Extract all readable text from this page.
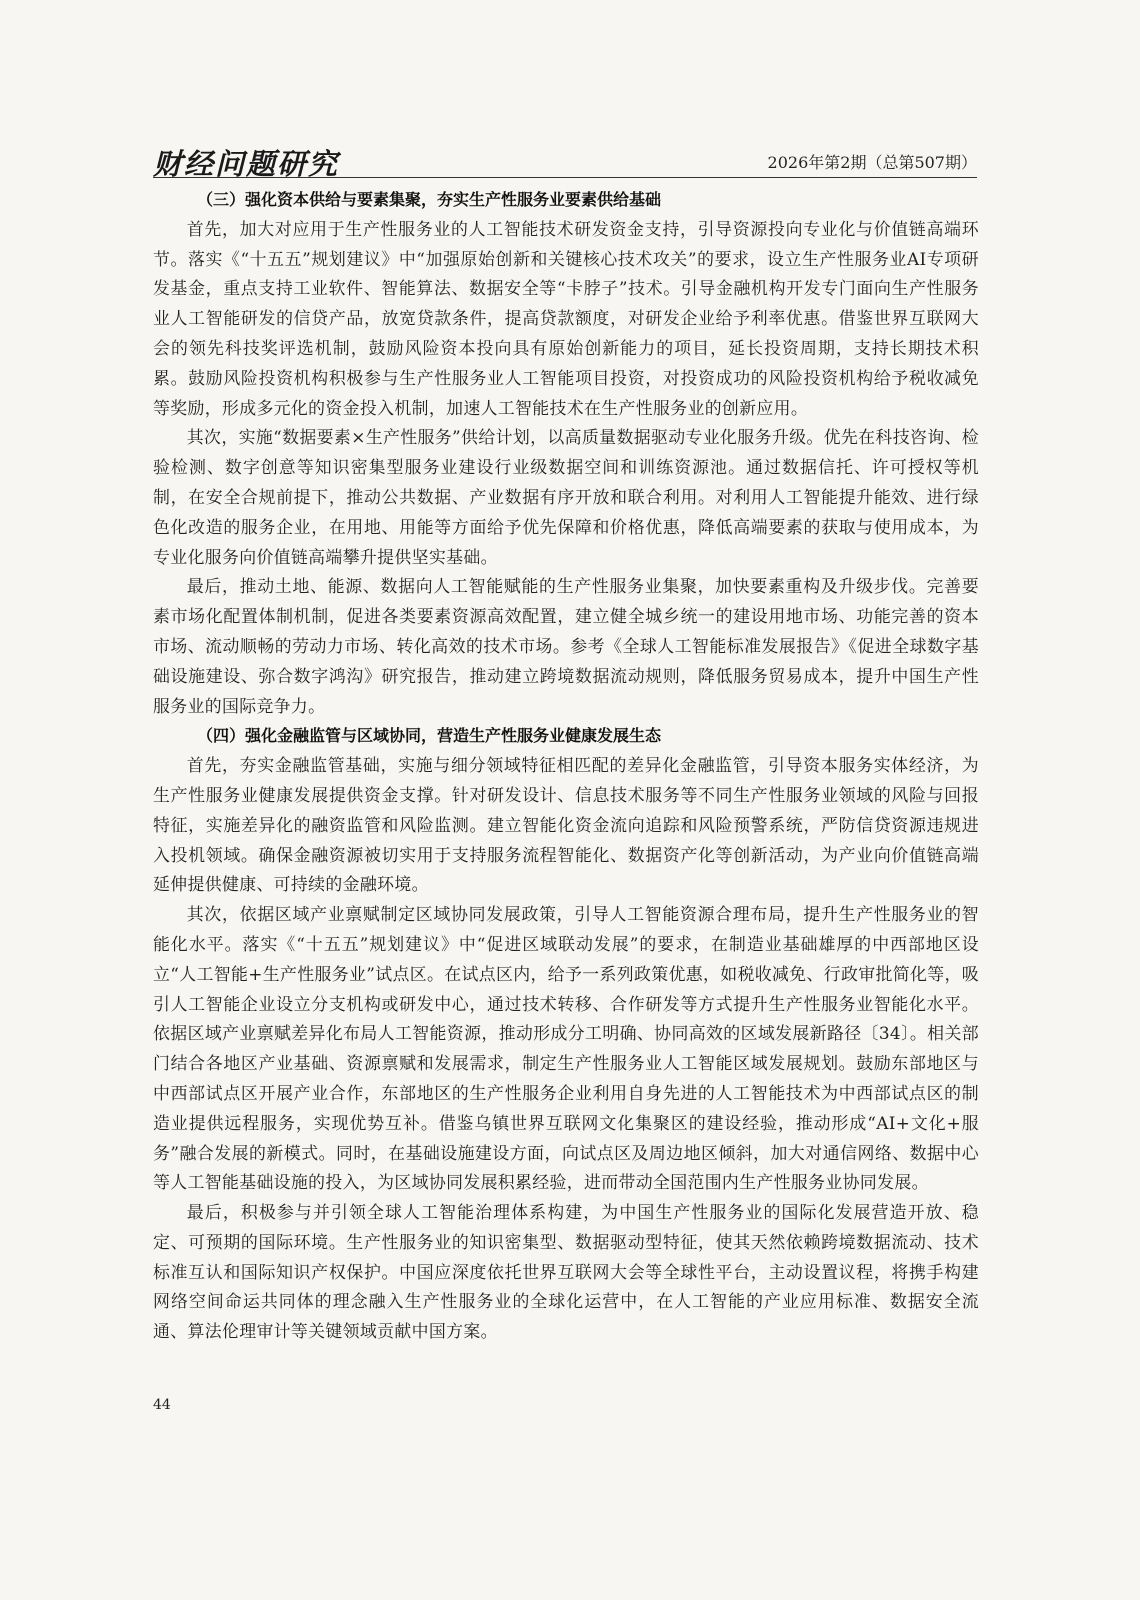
财经问题研究	2026年第2期（总第507期）
（三）强化资本供给与要素集聚，夯实生产性服务业要素供给基础

首先，加大对应用于生产性服务业的人工智能技术研发资金支持，引导资源投向专业化与价值链高端环节。落实《“十五五”规划建议》中“加强原始创新和关键核心技术攻关”的要求，设立生产性服务业AI专项研发基金，重点支持工业软件、智能算法、数据安全等“卡脖子”技术。引导金融机构开发专门面向生产性服务业人工智能研发的信贷产品，放宽贷款条件，提高贷款额度，对研发企业给予利率优惠。借鉴世界互联网大会的领先科技奖评选机制，鼓励风险资本投向具有原始创新能力的项目，延长投资周期，支持长期技术积累。鼓励风险投资机构积极参与生产性服务业人工智能项目投资，对投资成功的风险投资机构给予税收减免等奖励，形成多元化的资金投入机制，加速人工智能技术在生产性服务业的创新应用。

其次，实施“数据要素×生产性服务”供给计划，以高质量数据驱动专业化服务升级。优先在科技咨询、检验检测、数字创意等知识密集型服务业建设行业级数据空间和训练资源池。通过数据信托、许可授权等机制，在安全合规前提下，推动公共数据、产业数据有序开放和联合利用。对利用人工智能提升能效、进行绿色化改造的服务企业，在用地、用能等方面给予优先保障和价格优惠，降低高端要素的获取与使用成本，为专业化服务向价值链高端攀升提供坚实基础。

最后，推动土地、能源、数据向人工智能赋能的生产性服务业集聚，加快要素重构及升级步伐。完善要素市场化配置体制机制，促进各类要素资源高效配置，建立健全城乡统一的建设用地市场、功能完善的资本市场、流动顺畅的劳动力市场、转化高效的技术市场。参考《全球人工智能标准发展报告》《促进全球数字基础设施建设、弥合数字鸿沟》研究报告，推动建立跨境数据流动规则，降低服务贸易成本，提升中国生产性服务业的国际竞争力。

（四）强化金融监管与区域协同，营造生产性服务业健康发展生态

首先，夯实金融监管基础，实施与细分领域特征相匹配的差异化金融监管，引导资本服务实体经济，为生产性服务业健康发展提供资金支撑。针对研发设计、信息技术服务等不同生产性服务业领域的风险与回报特征，实施差异化的融资监管和风险监测。建立智能化资金流向追踪和风险预警系统，严防信贷资源违规进入投机领域。确保金融资源被切实用于支持服务流程智能化、数据资产化等创新活动，为产业向价值链高端延伸提供健康、可持续的金融环境。

其次，依据区域产业禀赋制定区域协同发展政策，引导人工智能资源合理布局，提升生产性服务业的智能化水平。落实《“十五五”规划建议》中“促进区域联动发展”的要求，在制造业基础雄厚的中西部地区设立“人工智能+生产性服务业”试点区。在试点区内，给予一系列政策优惠，如税收减免、行政审批简化等，吸引人工智能企业设立分支机构或研发中心，通过技术转移、合作研发等方式提升生产性服务业智能化水平。依据区域产业禀赋差异化布局人工智能资源，推动形成分工明确、协同高效的区域发展新路径〔34〕。相关部门结合各地区产业基础、资源禀赋和发展需求，制定生产性服务业人工智能区域发展规划。鼓励东部地区与中西部试点区开展产业合作，东部地区的生产性服务企业利用自身先进的人工智能技术为中西部试点区的制造业提供远程服务，实现优势互补。借鉴乌镇世界互联网文化集聚区的建设经验，推动形成“AI+文化+服务”融合发展的新模式。同时，在基础设施建设方面，向试点区及周边地区倾斜，加大对通信网络、数据中心等人工智能基础设施的投入，为区域协同发展积累经验，进而带动全国范围内生产性服务业协同发展。

最后，积极参与并引领全球人工智能治理体系构建，为中国生产性服务业的国际化发展营造开放、稳定、可预期的国际环境。生产性服务业的知识密集型、数据驱动型特征，使其天然依赖跨境数据流动、技术标准互认和国际知识产权保护。中国应深度依托世界互联网大会等全球性平台，主动设置议程，将携手构建网络空间命运共同体的理念融入生产性服务业的全球化运营中，在人工智能的产业应用标准、数据安全流通、算法伦理审计等关键领域贡献中国方案。

44
